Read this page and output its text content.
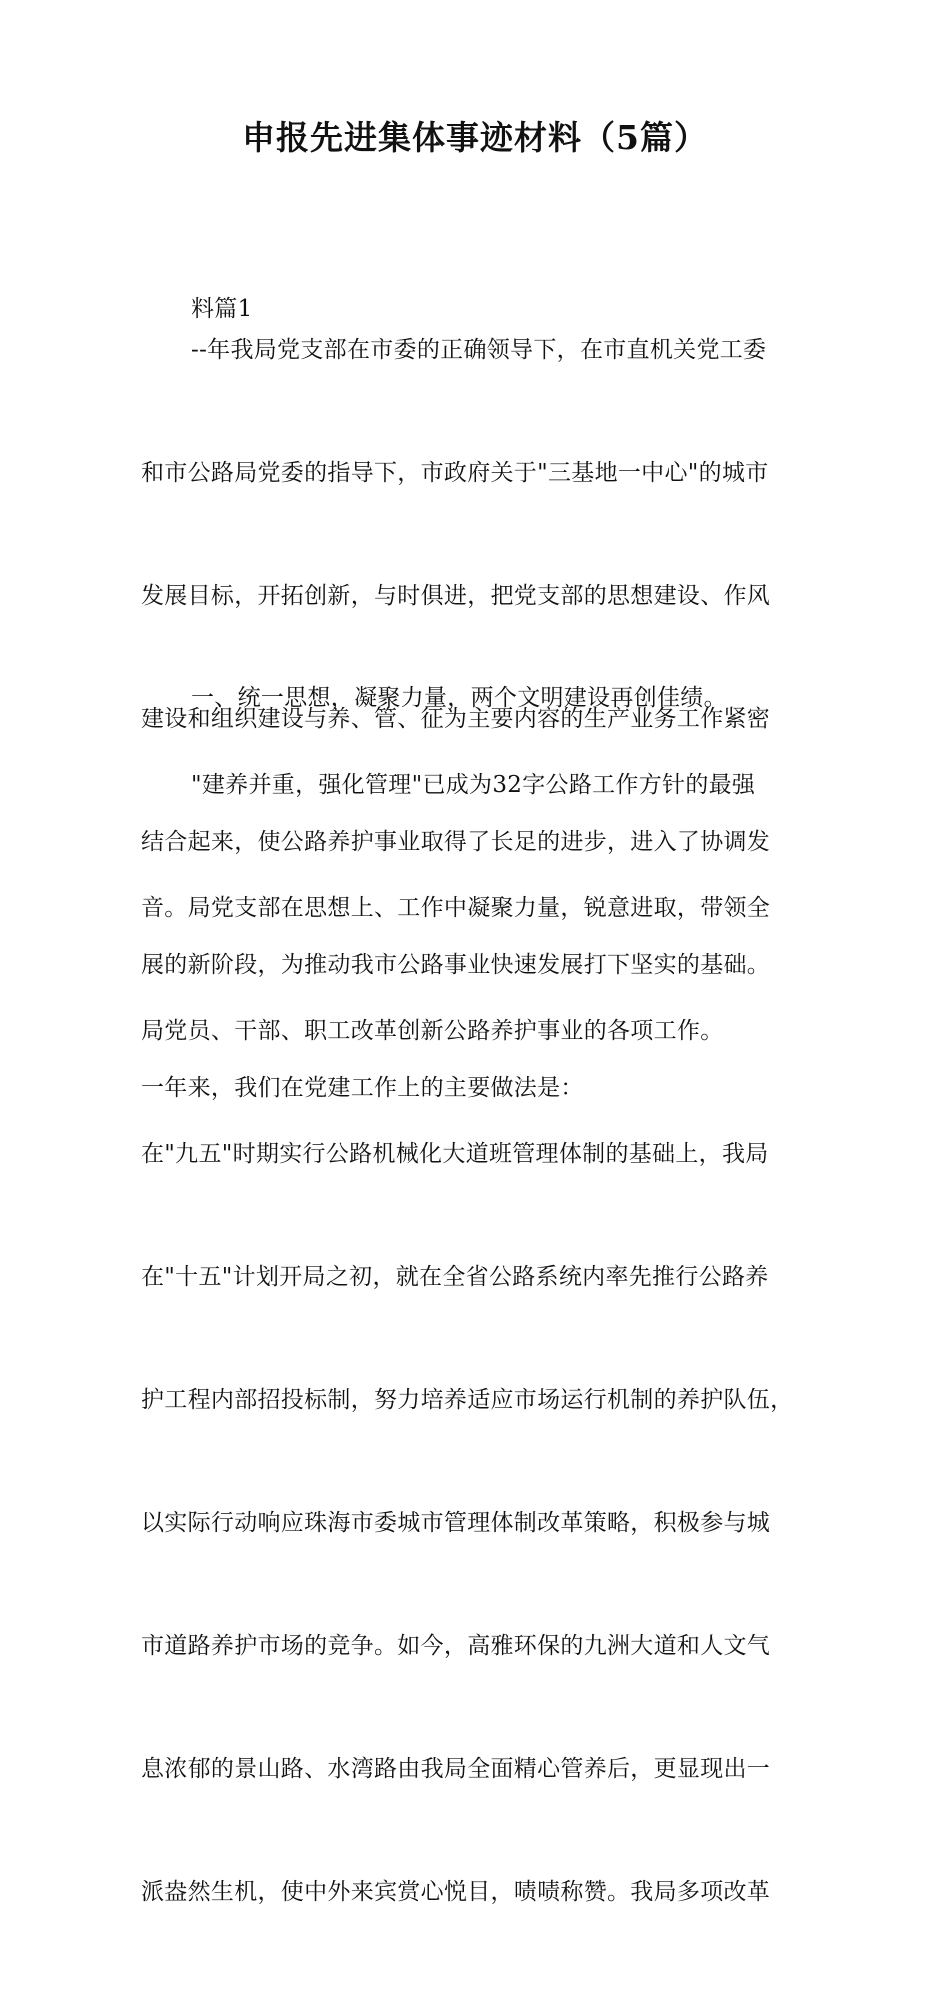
申报先进集体事迹材料（5篇）

料篇1

--年我局党支部在市委的正确领导下，在市直机关党工委

和市公路局党委的指导下，市政府关于"三基地一中心"的城市

发展目标，开拓创新，与时俱进，把党支部的思想建设、作风

建设和组织建设与养、管、征为主要内容的生产业务工作紧密

结合起来，使公路养护事业取得了长足的进步，进入了协调发

展的新阶段，为推动我市公路事业快速发展打下坚实的基础。

一年来，我们在党建工作上的主要做法是：

一、统一思想，凝聚力量，两个文明建设再创佳绩。

"建养并重，强化管理"已成为32字公路工作方针的最强

音。局党支部在思想上、工作中凝聚力量，锐意进取，带领全

局党员、干部、职工改革创新公路养护事业的各项工作。

在"九五"时期实行公路机械化大道班管理体制的基础上，我局

在"十五"计划开局之初，就在全省公路系统内率先推行公路养

护工程内部招投标制，努力培养适应市场运行机制的养护队伍，

以实际行动响应珠海市委城市管理体制改革策略，积极参与城

市道路养护市场的竞争。如今，高雅环保的九洲大道和人文气

息浓郁的景山路、水湾路由我局全面精心管养后，更显现出一

派盎然生机，使中外来宾赏心悦目，啧啧称赞。我局多项改革
